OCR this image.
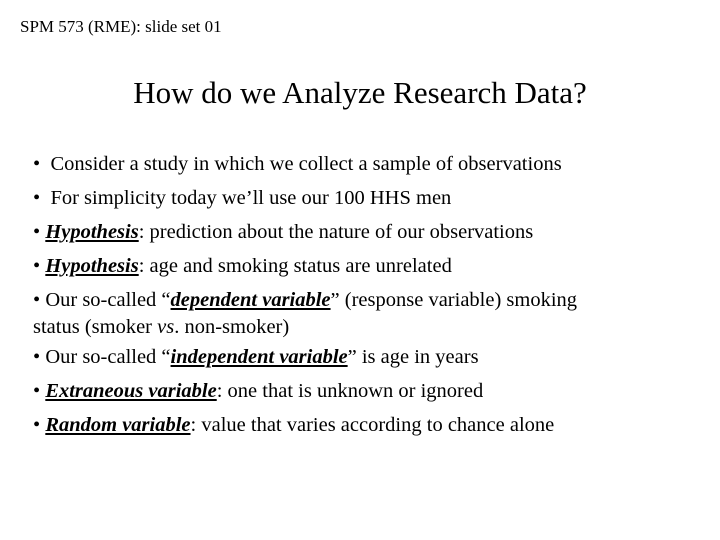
SPM 573 (RME): slide set 01
How do we Analyze Research Data?
•  Consider a study in which we collect a sample of observations
•  For simplicity today we’ll use our 100 HHS men
• Hypothesis: prediction about the nature of our observations
• Hypothesis: age and smoking status are unrelated
• Our so-called “dependent variable” (response variable) smoking
status (smoker vs. non-smoker)
• Our so-called “independent variable” is age in years
• Extraneous variable: one that is unknown or ignored
• Random variable: value that varies according to chance alone
